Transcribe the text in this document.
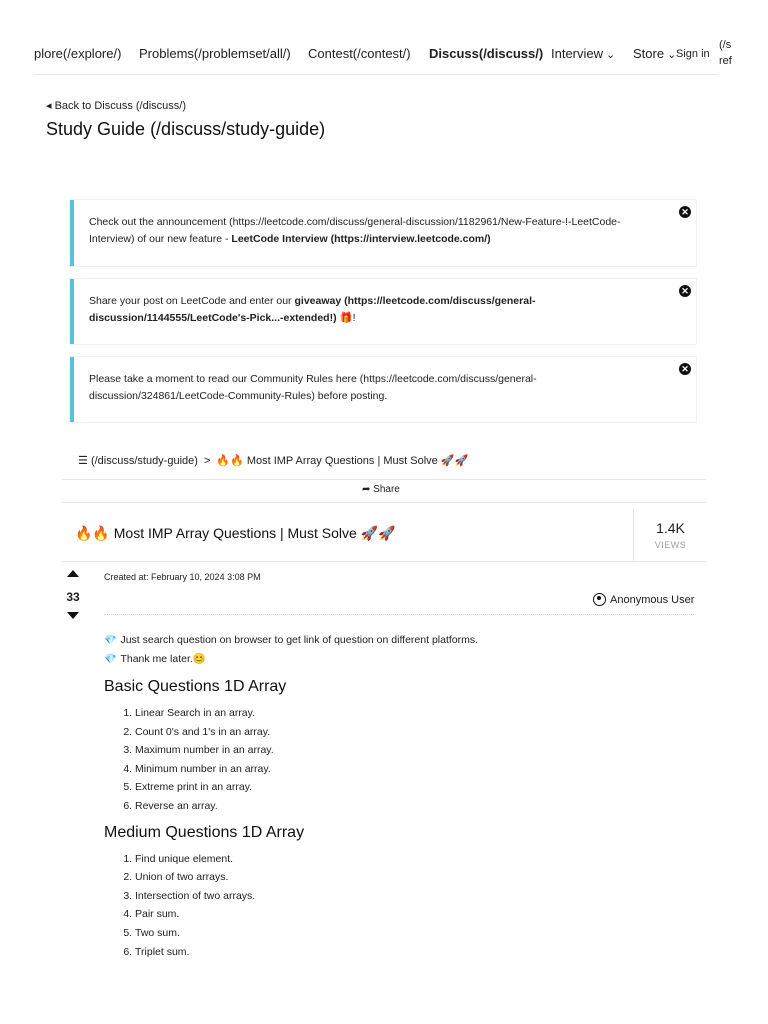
plore(/explore/) Problems(/problemset/all/) Contest(/contest/) Discuss(/discuss/) Interview ⌄ Store ⌄ Sign in
(/s
ref
◂ Back to Discuss (/discuss/)
Study Guide (/discuss/study-guide)
Check out the announcement (https://leetcode.com/discuss/general-discussion/1182961/New-Feature-!-LeetCode-Interview) of our new feature - LeetCode Interview (https://interview.leetcode.com/)
✕
Share your post on LeetCode and enter our giveaway (https://leetcode.com/discuss/general-discussion/1144555/LeetCode's-Pick...-extended!) 🎁!
✕
Please take a moment to read our Community Rules here (https://leetcode.com/discuss/general-discussion/324861/LeetCode-Community-Rules) before posting.
✕
☰ (/discuss/study-guide) > 🔥🔥 Most IMP Array Questions | Must Solve 🚀🚀
➦ Share
🔥🔥 Most IMP Array Questions | Must Solve 🚀🚀	1.4K
VIEWS
33
Created at: February 10, 2024 3:08 PM
Anonymous User
💎 Just search question on browser to get link of question on different platforms.
💎 Thank me later.😊
Basic Questions 1D Array
1. Linear Search in an array.
2. Count 0's and 1's in an array.
3. Maximum number in an array.
4. Minimum number in an array.
5. Extreme print in an array.
6. Reverse an array.
Medium Questions 1D Array
1. Find unique element.
2. Union of two arrays.
3. Intersection of two arrays.
4. Pair sum.
5. Two sum.
6. Triplet sum.
